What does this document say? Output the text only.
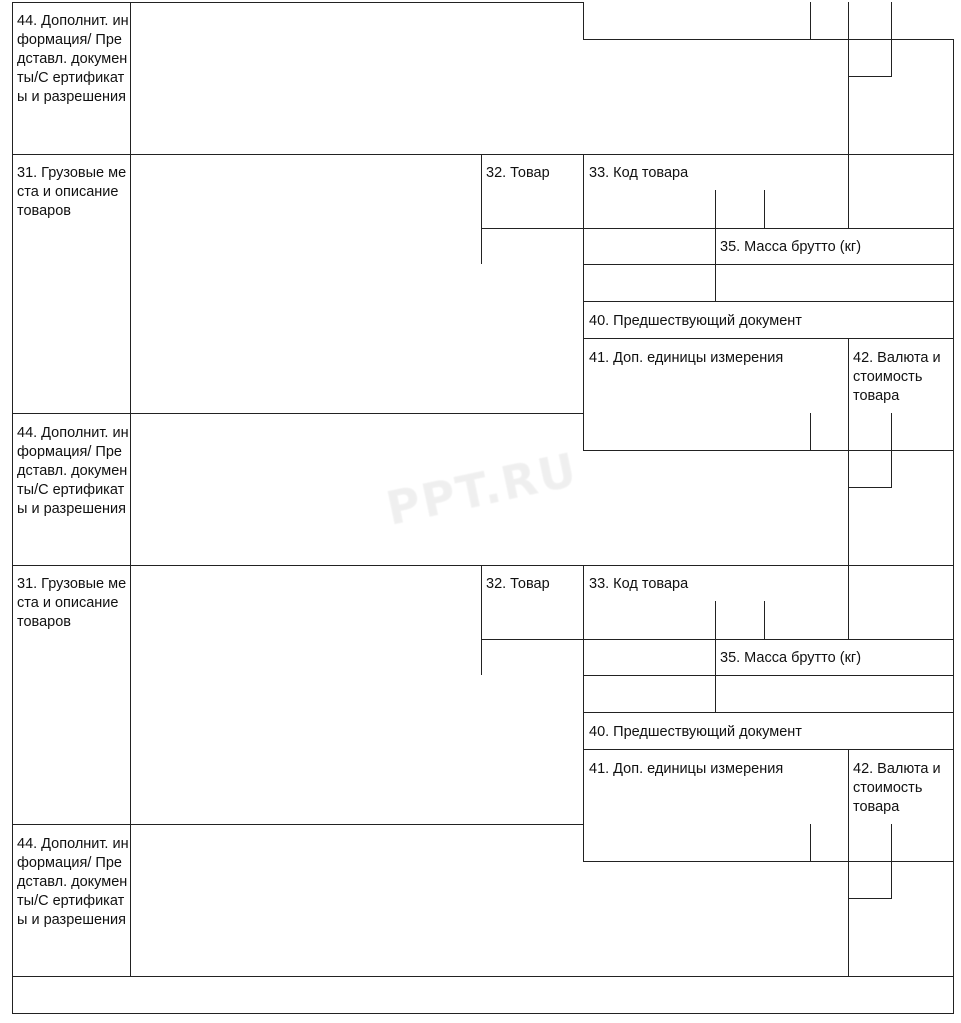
44. Дополнит. информация/ Представл. документы/С ертификаты и разрешения
31. Грузовые места и описание товаров
32. Товар	33. Код товара
35. Масса брутто (кг)
40. Предшествующий документ
41. Доп. единицы измерения	42. Валюта и стоимость товара
44. Дополнит. информация/ Представл. документы/С ертификаты и разрешения
31. Грузовые места и описание товаров
32. Товар	33. Код товара
35. Масса брутто (кг)
40. Предшествующий документ
41. Доп. единицы измерения	42. Валюта и стоимость товара
44. Дополнит. информация/ Представл. документы/С ертификаты и разрешения
PPT.RU
